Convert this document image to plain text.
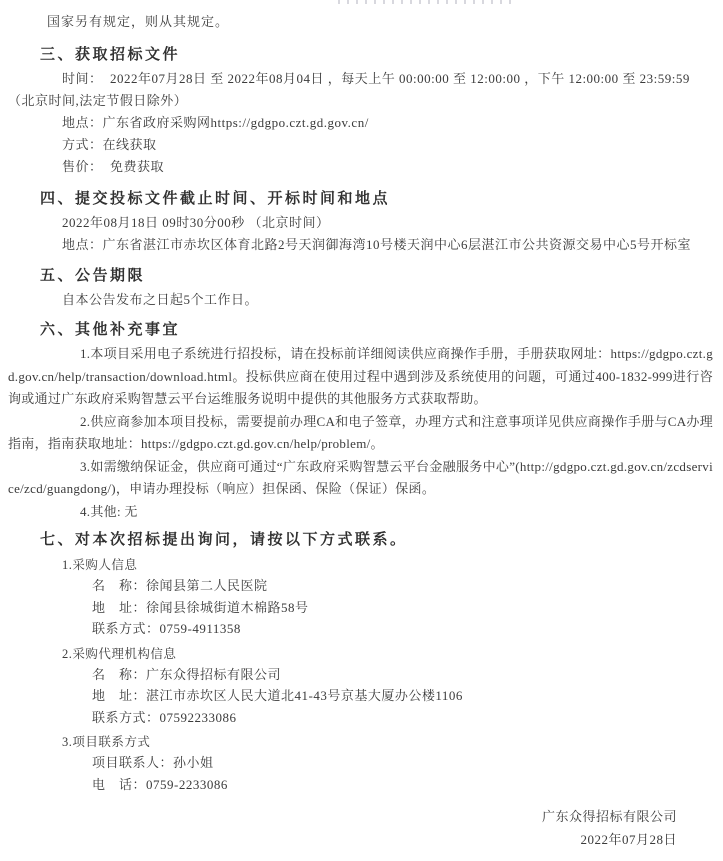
国家另有规定，则从其规定。

三、获取招标文件

时间：  2022年07月28日 至 2022年08月04日 ，每天上午 00:00:00 至 12:00:00 ，下午 12:00:00 至 23:59:59

（北京时间,法定节假日除外）

地点：广东省政府采购网https://gdgpo.czt.gd.gov.cn/

方式：在线获取

售价：  免费获取

四、提交投标文件截止时间、开标时间和地点

2022年08月18日 09时30分00秒 （北京时间）

地点：广东省湛江市赤坎区体育北路2号天润御海湾10号楼天润中心6层湛江市公共资源交易中心5号开标室

五、公告期限

自本公告发布之日起5个工作日。

六、其他补充事宜

1.本项目采用电子系统进行招投标，请在投标前详细阅读供应商操作手册，手册获取网址：https://gdgpo.czt.gd.gov.cn/help/transaction/download.html。投标供应商在使用过程中遇到涉及系统使用的问题，可通过400-1832-999进行咨询或通过广东政府采购智慧云平台运维服务说明中提供的其他服务方式获取帮助。

2.供应商参加本项目投标，需要提前办理CA和电子签章，办理方式和注意事项详见供应商操作手册与CA办理指南，指南获取地址：https://gdgpo.czt.gd.gov.cn/help/problem/。

3.如需缴纳保证金，供应商可通过“广东政府采购智慧云平台金融服务中心”(http://gdgpo.czt.gd.gov.cn/zcdservice/zcd/guangdong/)，申请办理投标（响应）担保函、保险（保证）保函。

4.其他: 无

七、对本次招标提出询问，请按以下方式联系。

1.采购人信息

名　称：徐闻县第二人民医院

地　址：徐闻县徐城街道木棉路58号

联系方式：0759-4911358

2.采购代理机构信息

名　称：广东众得招标有限公司

地　址：湛江市赤坎区人民大道北41-43号京基大厦办公楼1106

联系方式：07592233086

3.项目联系方式

项目联系人：孙小姐

电　话：0759-2233086

广东众得招标有限公司

2022年07月28日
